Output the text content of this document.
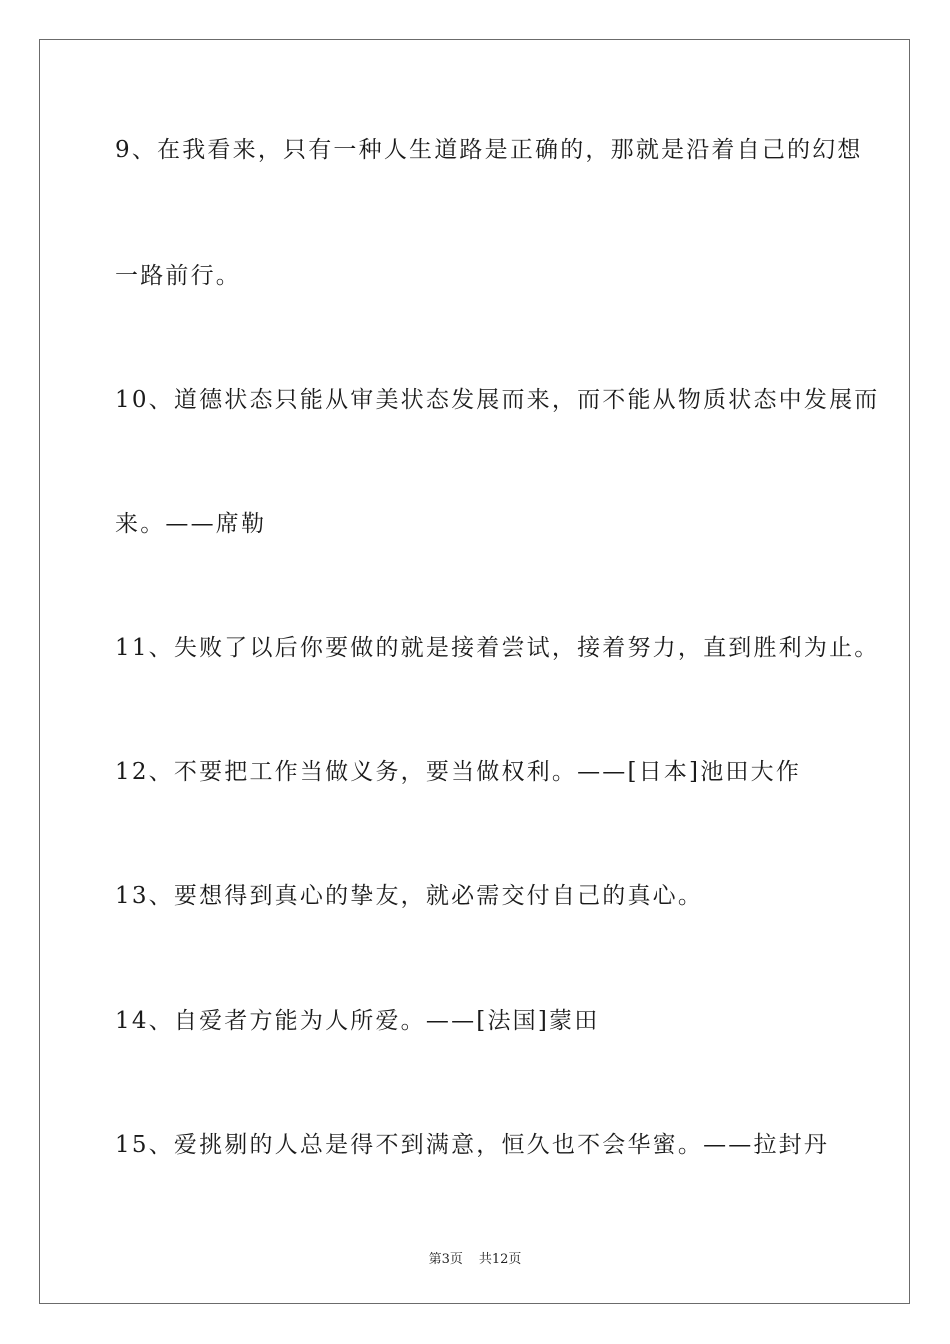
9、在我看来，只有一种人生道路是正确的，那就是沿着自己的幻想
一路前行。
10、道德状态只能从审美状态发展而来，而不能从物质状态中发展而
来。——席勒
11、失败了以后你要做的就是接着尝试，接着努力，直到胜利为止。
12、不要把工作当做义务，要当做权利。——[日本]池田大作
13、要想得到真心的挚友，就必需交付自己的真心。
14、自爱者方能为人所爱。——[法国]蒙田
15、爱挑剔的人总是得不到满意，恒久也不会华蜜。——拉封丹
第3页 共12页
